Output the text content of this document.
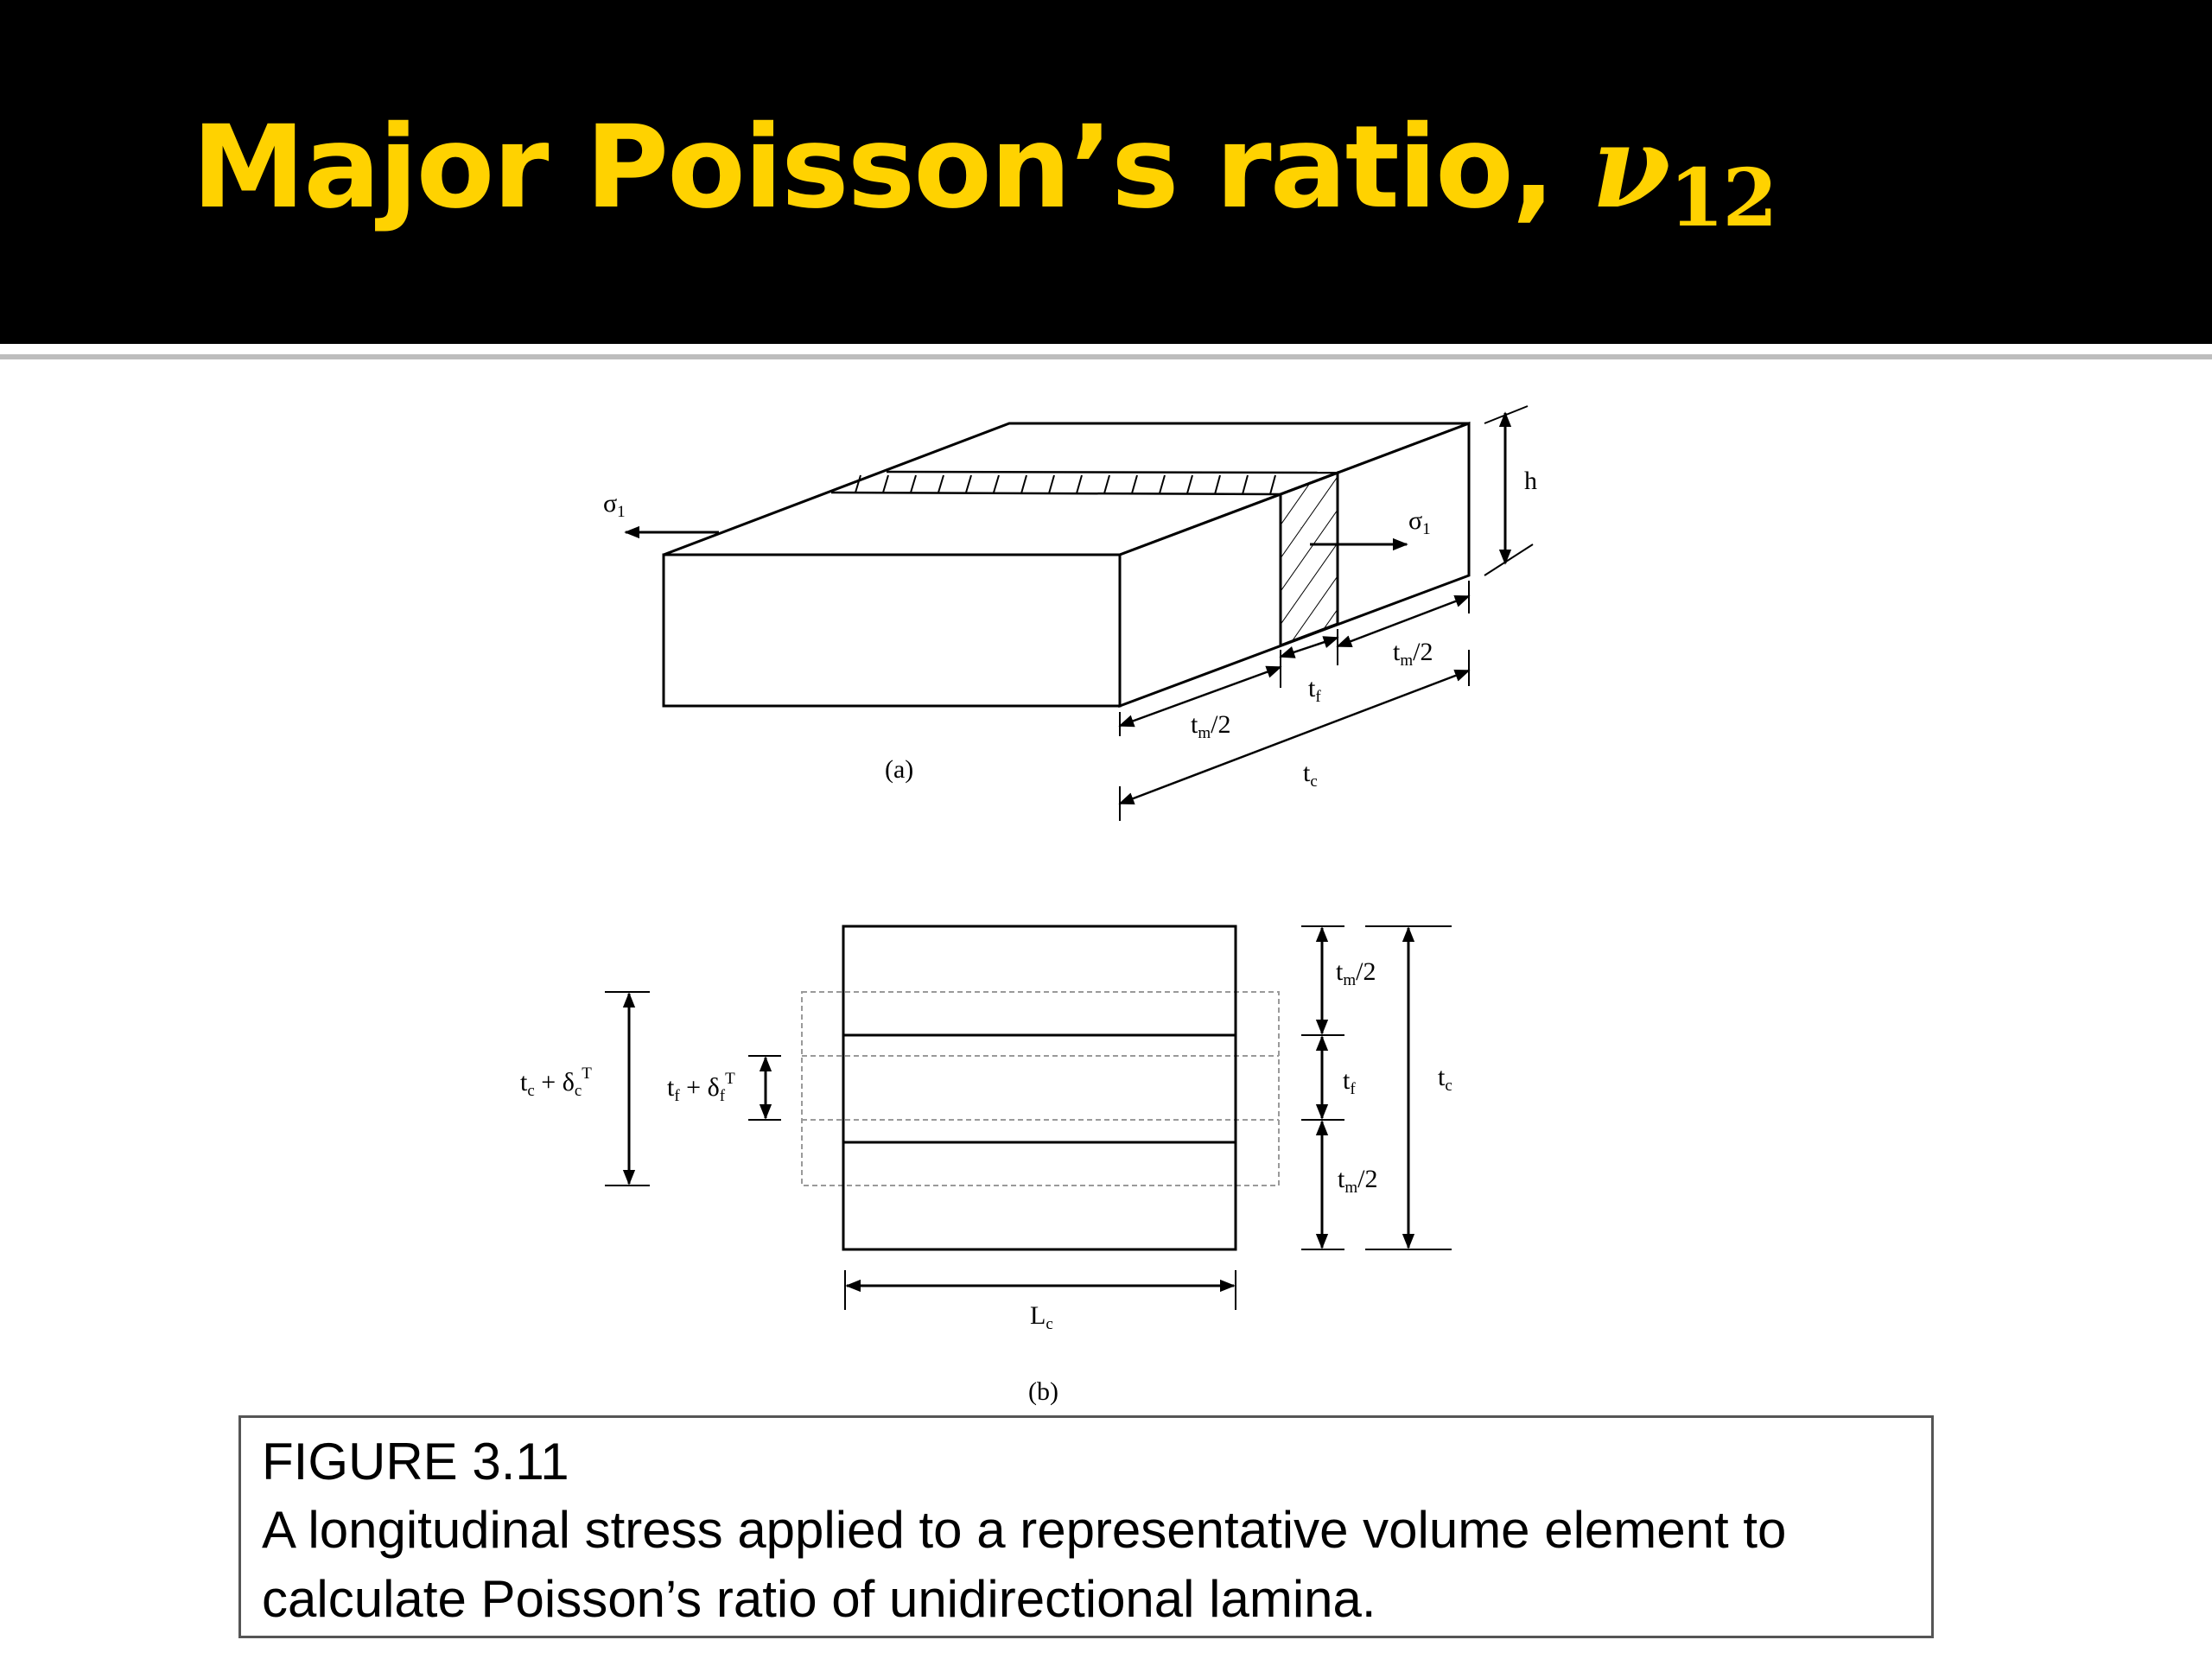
Major Poisson’s ratio, $\nu_{12}$
$\sigma_1$	$\sigma_1$
h
$t_m/2$
$t_f$
$t_m/2$
$t_c$
(a)
$t_c + \delta_c^T$	$t_f + \delta_f^T$
$t_m/2$
$t_f$
$t_m/2$
$t_c$
$L_c$
(b)
FIGURE 3.11
A longitudinal stress applied to a representative volume element to calculate Poisson’s ratio of unidirectional lamina.
